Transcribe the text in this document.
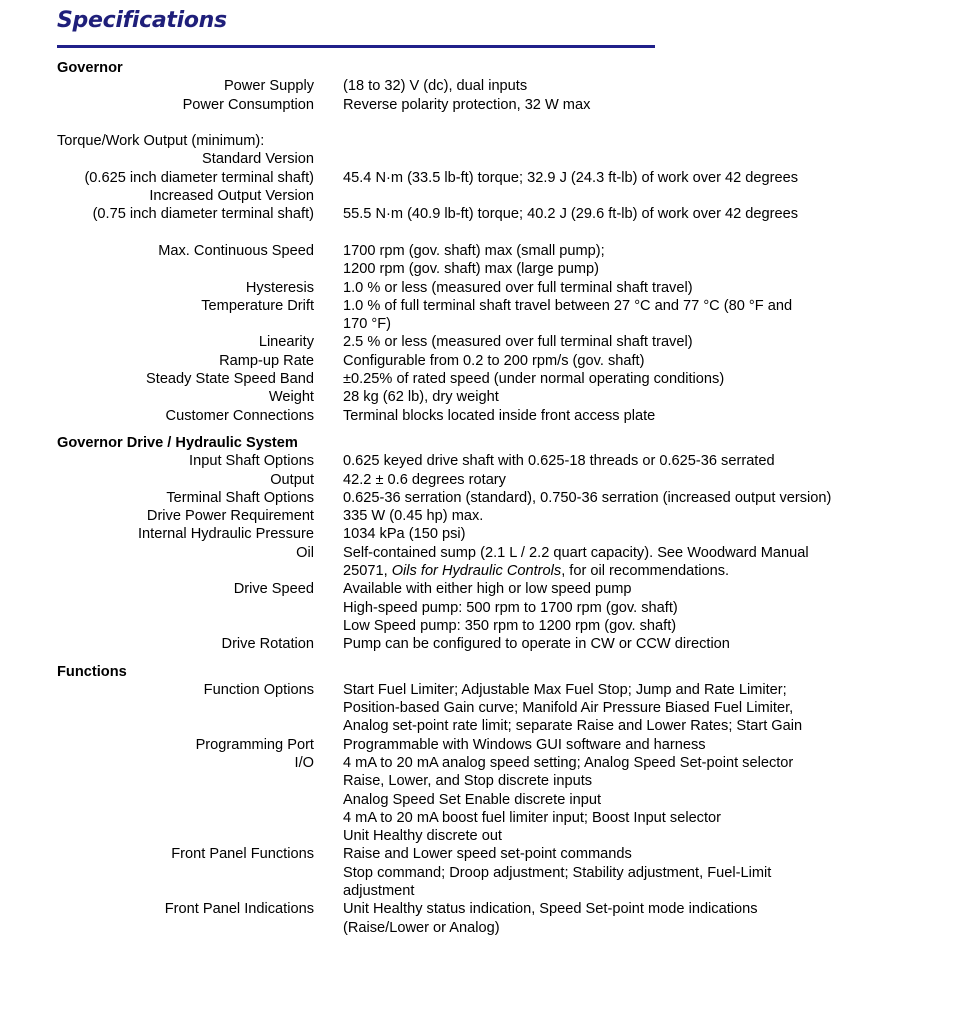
Specifications
Governor
Power Supply (18 to 32) V (dc), dual inputs
Power Consumption Reverse polarity protection, 32 W max
Torque/Work Output (minimum):
Standard Version
(0.625 inch diameter terminal shaft) 45.4 N·m (33.5 lb-ft) torque; 32.9 J (24.3 ft-lb) of work over 42 degrees
Increased Output Version
(0.75 inch diameter terminal shaft) 55.5 N·m (40.9 lb-ft) torque; 40.2 J (29.6 ft-lb) of work over 42 degrees
Max. Continuous Speed 1700 rpm (gov. shaft) max (small pump);
1200 rpm (gov. shaft) max (large pump)
Hysteresis 1.0 % or less (measured over full terminal shaft travel)
Temperature Drift 1.0 % of full terminal shaft travel between 27 °C and 77 °C (80 °F and
170 °F)
Linearity 2.5 % or less (measured over full terminal shaft travel)
Ramp-up Rate Configurable from 0.2 to 200 rpm/s (gov. shaft)
Steady State Speed Band ±0.25% of rated speed (under normal operating conditions)
Weight 28 kg (62 lb), dry weight
Customer Connections Terminal blocks located inside front access plate
Governor Drive / Hydraulic System
Input Shaft Options 0.625 keyed drive shaft with 0.625-18 threads or 0.625-36 serrated
Output 42.2 ± 0.6 degrees rotary
Terminal Shaft Options 0.625-36 serration (standard), 0.750-36 serration (increased output version)
Drive Power Requirement 335 W (0.45 hp) max.
Internal Hydraulic Pressure 1034 kPa (150 psi)
Oil Self-contained sump (2.1 L / 2.2 quart capacity). See Woodward Manual
25071, Oils for Hydraulic Controls, for oil recommendations.
Drive Speed Available with either high or low speed pump
High-speed pump: 500 rpm to 1700 rpm (gov. shaft)
Low Speed pump: 350 rpm to 1200 rpm (gov. shaft)
Drive Rotation Pump can be configured to operate in CW or CCW direction
Functions
Function Options Start Fuel Limiter; Adjustable Max Fuel Stop; Jump and Rate Limiter;
Position-based Gain curve; Manifold Air Pressure Biased Fuel Limiter,
Analog set-point rate limit; separate Raise and Lower Rates; Start Gain
Programming Port Programmable with Windows GUI software and harness
I/O 4 mA to 20 mA analog speed setting; Analog Speed Set-point selector
Raise, Lower, and Stop discrete inputs
Analog Speed Set Enable discrete input
4 mA to 20 mA boost fuel limiter input; Boost Input selector
Unit Healthy discrete out
Front Panel Functions Raise and Lower speed set-point commands
Stop command; Droop adjustment; Stability adjustment, Fuel-Limit
adjustment
Front Panel Indications Unit Healthy status indication, Speed Set-point mode indications
(Raise/Lower or Analog)
